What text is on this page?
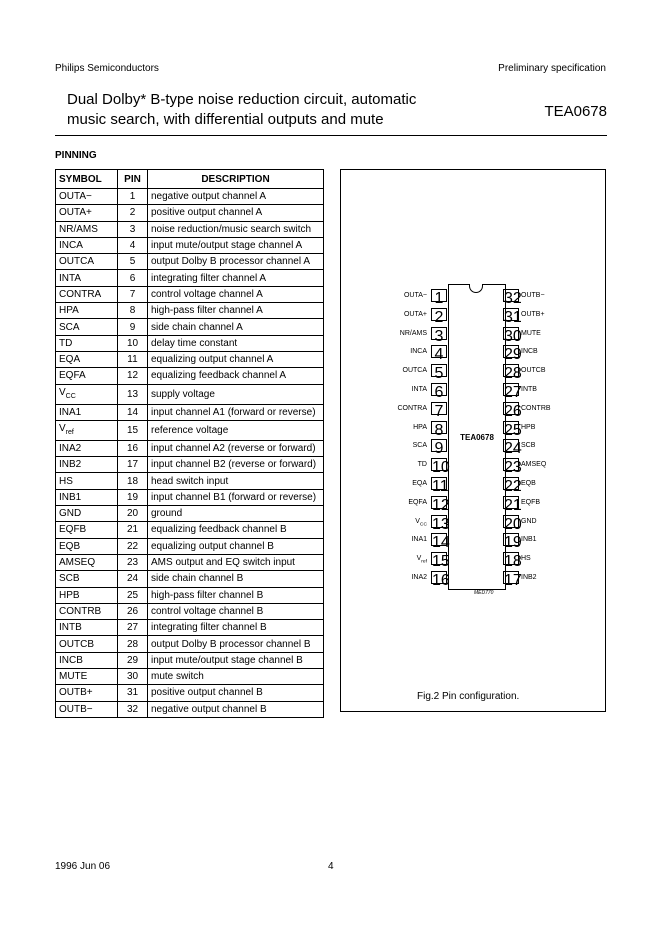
Philips Semiconductors	Preliminary specification
Dual Dolby* B-type noise reduction circuit, automatic
music search, with differential outputs and mute	TEA0678
PINNING
SYMBOL	PIN	DESCRIPTION
OUTA−	1	negative output channel A
OUTA+	2	positive output channel A
NR/AMS	3	noise reduction/music search switch
INCA	4	input mute/output stage channel A
OUTCA	5	output Dolby B processor channel A
INTA	6	integrating filter channel A
CONTRA	7	control voltage channel A
HPA	8	high-pass filter channel A
SCA	9	side chain channel A
TD	10	delay time constant
EQA	11	equalizing output channel A
EQFA	12	equalizing feedback channel A
$V_{CC}$	13	supply voltage
INA1	14	input channel A1 (forward or reverse)
$V_{ref}$	15	reference voltage
INA2	16	input channel A2 (reverse or forward)
INB2	17	input channel B2 (reverse or forward)
HS	18	head switch input
INB1	19	input channel B1 (forward or reverse)
GND	20	ground
EQFB	21	equalizing feedback channel B
EQB	22	equalizing output channel B
AMSEQ	23	AMS output and EQ switch input
SCB	24	side chain channel B
HPB	25	high-pass filter channel B
CONTRB	26	control voltage channel B
INTB	27	integrating filter channel B
OUTCB	28	output Dolby B processor channel B
INCB	29	input mute/output stage channel B
MUTE	30	mute switch
OUTB+	31	positive output channel B
OUTB−	32	negative output channel B
1
OUTA−
2
OUTA+
3
NR/AMS
4
INCA
5
OUTCA
6
INTA
7
CONTRA
8
HPA
9
SCA
10
TD
11
EQA
12
EQFA
13
$V_{CC}$
14
INA1
15
$V_{ref}$
16
INA2
32 OUTB−
31 OUTB+
30 MUTE
29 INCB
28 OUTCB
27 INTB
26 CONTRB
25 HPB
24 SCB
23 AMSEQ
22 EQB
21 EQFB
20 GND
19 INB1
18 HS
17 INB2
TEA0678
MED770
Fig.2 Pin configuration.
1996 Jun 06	4
